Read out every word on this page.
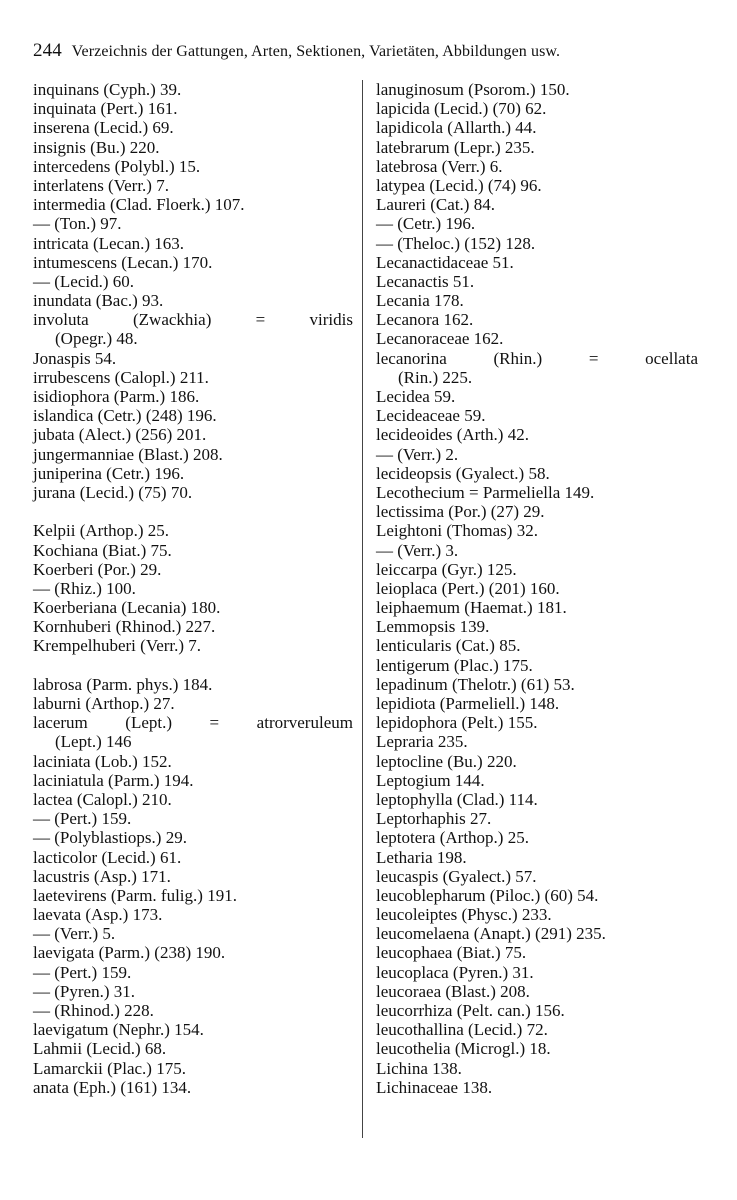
244 Verzeichnis der Gattungen, Arten, Sektionen, Varietäten, Abbildungen usw.
inquinans (Cyph.) 39.
inquinata (Pert.) 161.
inserena (Lecid.) 69.
insignis (Bu.) 220.
intercedens (Polybl.) 15.
interlatens (Verr.) 7.
intermedia (Clad. Floerk.) 107.
— (Ton.) 97.
intricata (Lecan.) 163.
intumescens (Lecan.) 170.
— (Lecid.) 60.
inundata (Bac.) 93.
involuta	(Zwackhia)	=	viridis
(Opegr.) 48.
Jonaspis 54.
irrubescens (Calopl.) 211.
isidiophora (Parm.) 186.
islandica (Cetr.) (248) 196.
jubata (Alect.) (256) 201.
jungermanniae (Blast.) 208.
juniperina (Cetr.) 196.
jurana (Lecid.) (75) 70.
Kelpii (Arthop.) 25.
Kochiana (Biat.) 75.
Koerberi (Por.) 29.
— (Rhiz.) 100.
Koerberiana (Lecania) 180.
Kornhuberi (Rhinod.) 227.
Krempelhuberi (Verr.) 7.
labrosa (Parm. phys.) 184.
laburni (Arthop.) 27.
lacerum (Lept.) = atrorveruleum
(Lept.) 146
laciniata (Lob.) 152.
laciniatula (Parm.) 194.
lactea (Calopl.) 210.
— (Pert.) 159.
— (Polyblastiops.) 29.
lacticolor (Lecid.) 61.
lacustris (Asp.) 171.
laetevirens (Parm. fulig.) 191.
laevata (Asp.) 173.
— (Verr.) 5.
laevigata (Parm.) (238) 190.
— (Pert.) 159.
— (Pyren.) 31.
— (Rhinod.) 228.
laevigatum (Nephr.) 154.
Lahmii (Lecid.) 68.
Lamarckii (Plac.) 175.
anata (Eph.) (161) 134.
lanuginosum (Psorom.) 150.
lapicida (Lecid.) (70) 62.
lapidicola (Allarth.) 44.
latebrarum (Lepr.) 235.
latebrosa (Verr.) 6.
latypea (Lecid.) (74) 96.
Laureri (Cat.) 84.
— (Cetr.) 196.
— (Theloc.) (152) 128.
Lecanactidaceae 51.
Lecanactis 51.
Lecania 178.
Lecanora 162.
Lecanoraceae 162.
lecanorina	(Rhin.)	=	ocellata
(Rin.) 225.
Lecidea 59.
Lecideaceae 59.
lecideoides (Arth.) 42.
— (Verr.) 2.
lecideopsis (Gyalect.) 58.
Lecothecium = Parmeliella 149.
lectissima (Por.) (27) 29.
Leightoni (Thomas) 32.
— (Verr.) 3.
leiccarpa (Gyr.) 125.
leioplaca (Pert.) (201) 160.
leiphaemum (Haemat.) 181.
Lemmopsis 139.
lenticularis (Cat.) 85.
lentigerum (Plac.) 175.
lepadinum (Thelotr.) (61) 53.
lepidiota (Parmeliell.) 148.
lepidophora (Pelt.) 155.
Lepraria 235.
leptocline (Bu.) 220.
Leptogium 144.
leptophylla (Clad.) 114.
Leptorhaphis 27.
leptotera (Arthop.) 25.
Letharia 198.
leucaspis (Gyalect.) 57.
leucoblepharum (Piloc.) (60) 54.
leucoleiptes (Physc.) 233.
leucomelaena (Anapt.) (291) 235.
leucophaea (Biat.) 75.
leucoplaca (Pyren.) 31.
leucoraea (Blast.) 208.
leucorrhiza (Pelt. can.) 156.
leucothallina (Lecid.) 72.
leucothelia (Microgl.) 18.
Lichina 138.
Lichinaceae 138.
